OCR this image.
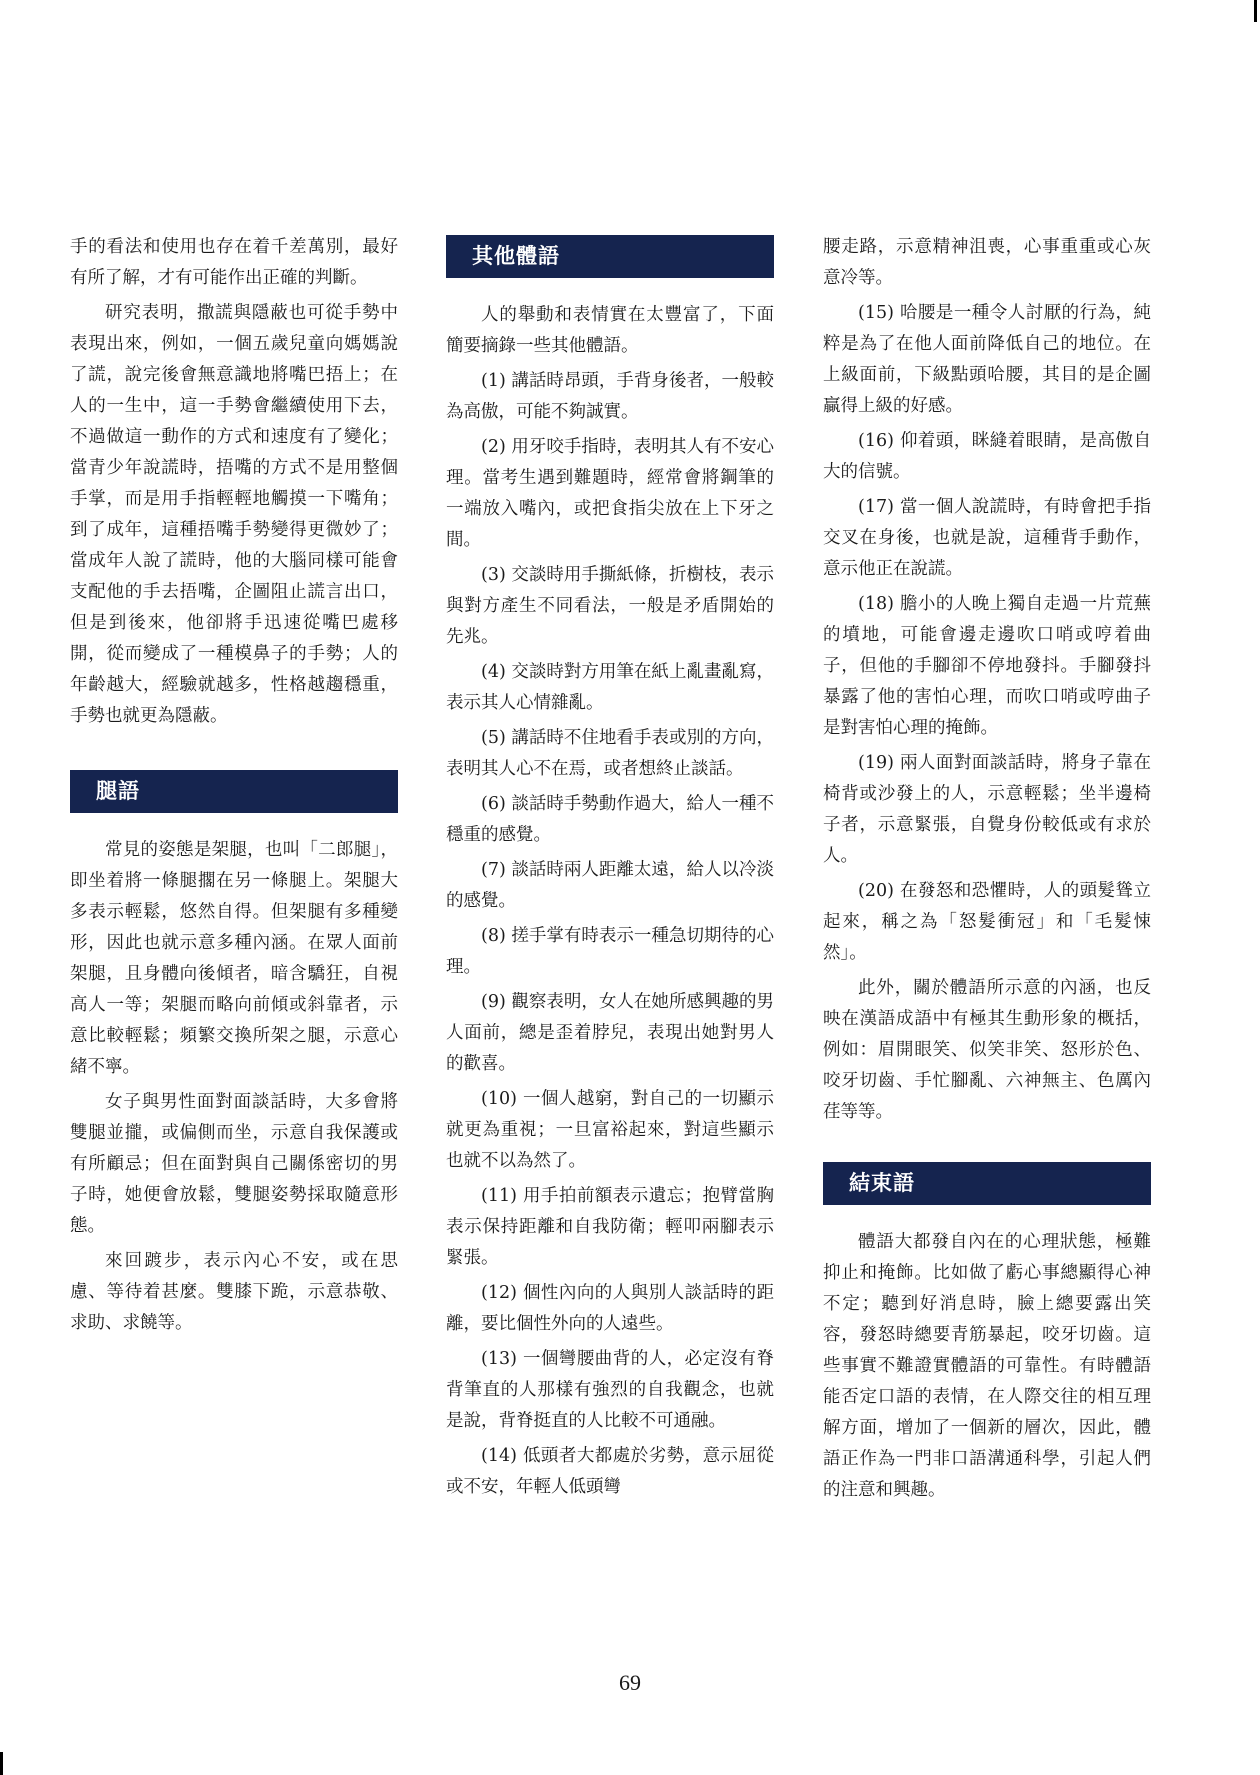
手的看法和使用也存在着千差萬別，最好有所了解，才有可能作出正確的判斷。

研究表明，撒謊與隱蔽也可從手勢中表現出來，例如，一個五歲兒童向媽媽說了謊，說完後會無意識地將嘴巴捂上；在人的一生中，這一手勢會繼續使用下去，不過做這一動作的方式和速度有了變化；當青少年說謊時，捂嘴的方式不是用整個手掌，而是用手指輕輕地觸摸一下嘴角；到了成年，這種捂嘴手勢變得更微妙了；當成年人說了謊時，他的大腦同樣可能會支配他的手去捂嘴，企圖阻止謊言出口，但是到後來，他卻將手迅速從嘴巴處移開，從而變成了一種模鼻子的手勢；人的年齡越大，經驗就越多，性格越趨穩重，手勢也就更為隱蔽。

腿語

常見的姿態是架腿，也叫「二郎腿」，即坐着將一條腿擱在另一條腿上。架腿大多表示輕鬆，悠然自得。但架腿有多種變形，因此也就示意多種內涵。在眾人面前架腿，且身體向後傾者，暗含驕狂，自視高人一等；架腿而略向前傾或斜靠者，示意比較輕鬆；頻繁交換所架之腿，示意心緒不寧。

女子與男性面對面談話時，大多會將雙腿並攏，或偏側而坐，示意自我保護或有所顧忌；但在面對與自己關係密切的男子時，她便會放鬆，雙腿姿勢採取隨意形態。

來回踱步，表示內心不安，或在思慮、等待着甚麼。雙膝下跪，示意恭敬、求助、求饒等。

其他體語

人的舉動和表情實在太豐富了，下面簡要摘錄一些其他體語。

(1) 講話時昂頭，手背身後者，一般較為高傲，可能不夠誠實。

(2) 用牙咬手指時，表明其人有不安心理。當考生遇到難題時，經常會將鋼筆的一端放入嘴內，或把食指尖放在上下牙之間。

(3) 交談時用手撕紙條，折樹枝，表示與對方產生不同看法，一般是矛盾開始的先兆。

(4) 交談時對方用筆在紙上亂畫亂寫，表示其人心情雜亂。

(5) 講話時不住地看手表或別的方向，表明其人心不在焉，或者想終止談話。

(6) 談話時手勢動作過大，給人一種不穩重的感覺。

(7) 談話時兩人距離太遠，給人以冷淡的感覺。

(8) 搓手掌有時表示一種急切期待的心理。

(9) 觀察表明，女人在她所感興趣的男人面前，總是歪着脖兒，表現出她對男人的歡喜。

(10) 一個人越窮，對自己的一切顯示就更為重視；一旦富裕起來，對這些顯示也就不以為然了。

(11) 用手拍前額表示遺忘；抱臂當胸表示保持距離和自我防衛；輕叩兩腳表示緊張。

(12) 個性內向的人與別人談話時的距離，要比個性外向的人遠些。

(13) 一個彎腰曲背的人，必定沒有脊背筆直的人那樣有強烈的自我觀念，也就是說，背脊挺直的人比較不可通融。

(14) 低頭者大都處於劣勢，意示屈從或不安，年輕人低頭彎

腰走路，示意精神沮喪，心事重重或心灰意冷等。

(15) 哈腰是一種令人討厭的行為，純粹是為了在他人面前降低自己的地位。在上級面前，下級點頭哈腰，其目的是企圖贏得上級的好感。

(16) 仰着頭，眯縫着眼睛，是高傲自大的信號。

(17) 當一個人說謊時，有時會把手指交叉在身後，也就是說，這種背手動作，意示他正在說謊。

(18) 膽小的人晚上獨自走過一片荒蕪的墳地，可能會邊走邊吹口哨或哼着曲子，但他的手腳卻不停地發抖。手腳發抖暴露了他的害怕心理，而吹口哨或哼曲子是對害怕心理的掩飾。

(19) 兩人面對面談話時，將身子靠在椅背或沙發上的人，示意輕鬆；坐半邊椅子者，示意緊張，自覺身份較低或有求於人。

(20) 在發怒和恐懼時，人的頭髮聳立起來，稱之為「怒髮衝冠」和「毛髮悚然」。

此外，關於體語所示意的內涵，也反映在漢語成語中有極其生動形象的概括，例如：眉開眼笑、似笑非笑、怒形於色、咬牙切齒、手忙腳亂、六神無主、色厲內荏等等。

結束語

體語大都發自內在的心理狀態，極難抑止和掩飾。比如做了虧心事總顯得心神不定；聽到好消息時，臉上總要露出笑容，發怒時總要青筋暴起，咬牙切齒。這些事實不難證實體語的可靠性。有時體語能否定口語的表情，在人際交往的相互理解方面，增加了一個新的層次，因此，體語正作為一門非口語溝通科學，引起人們的注意和興趣。

69
